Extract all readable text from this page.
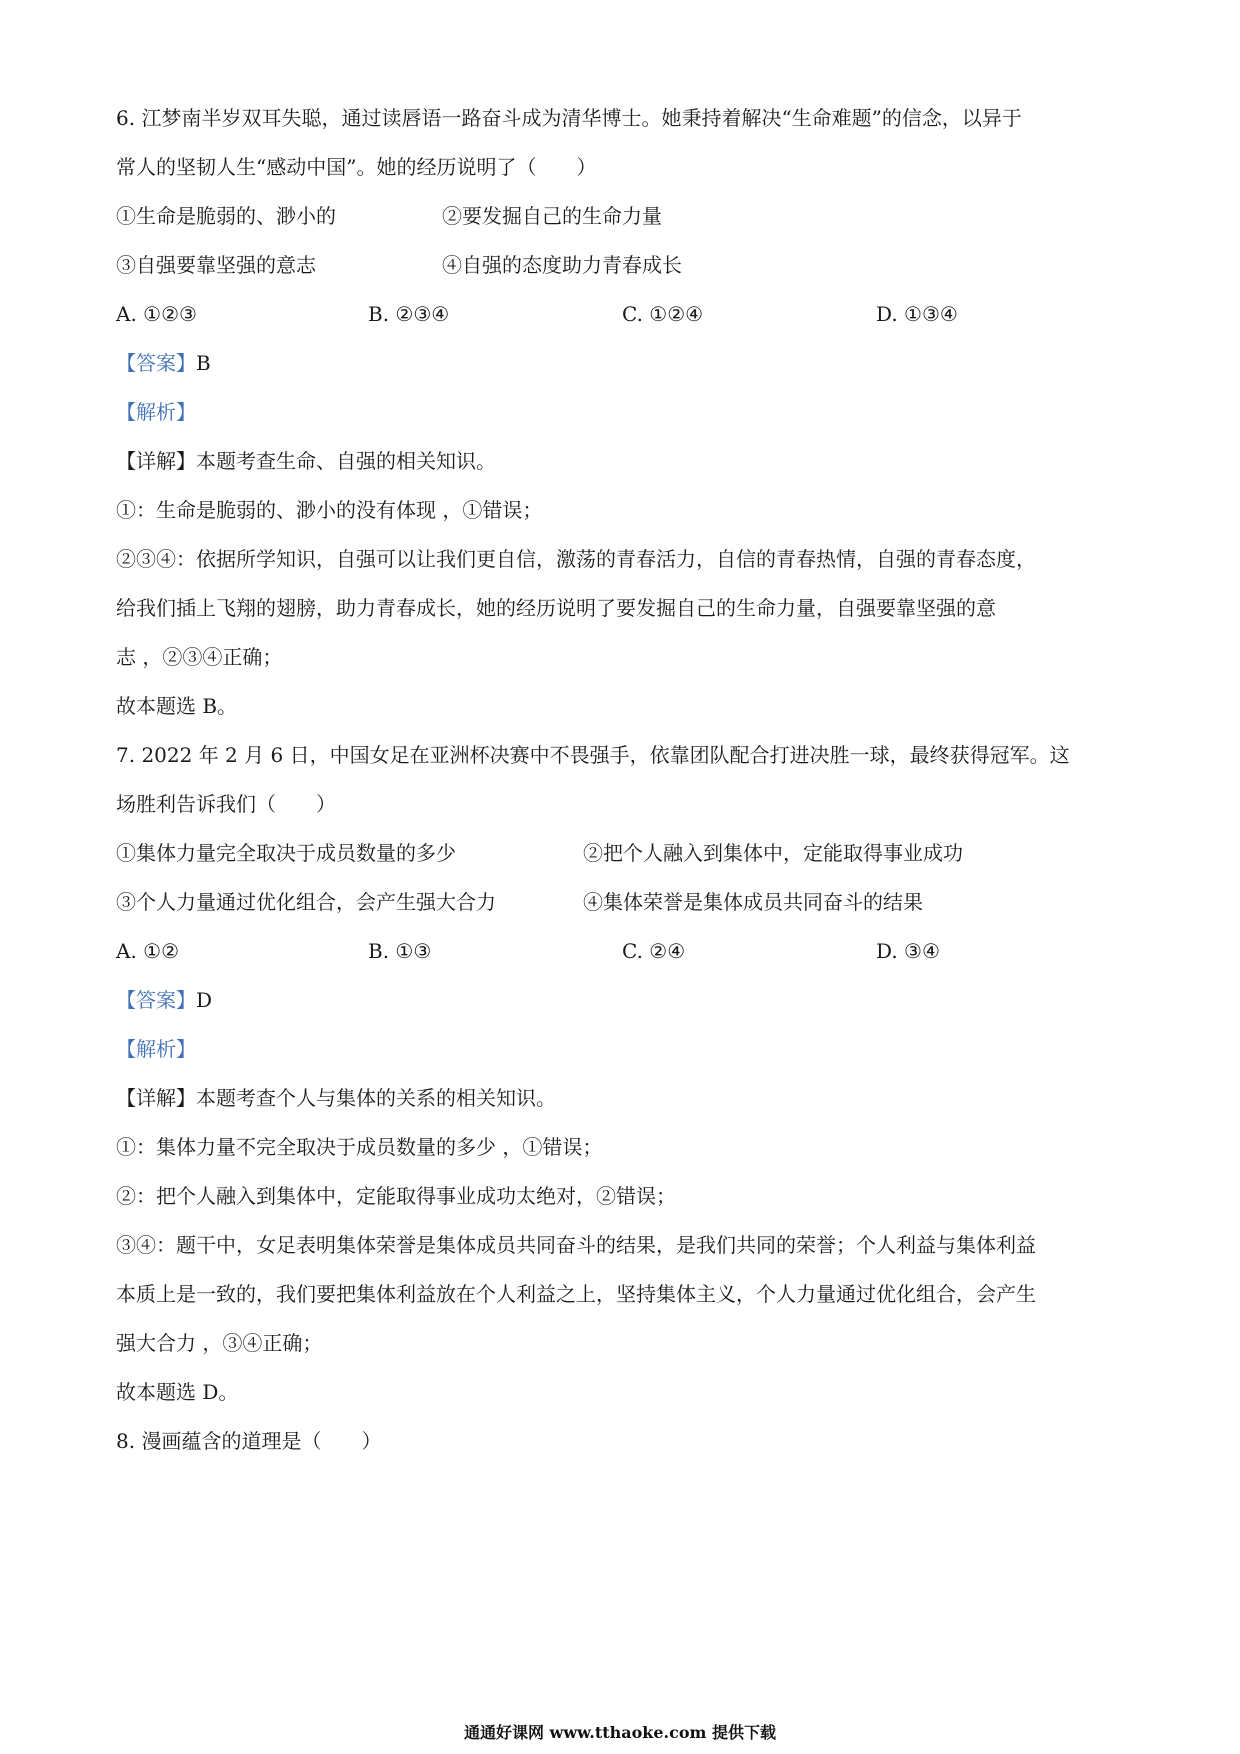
6. 江梦南半岁双耳失聪，通过读唇语一路奋斗成为清华博士。她秉持着解决“生命难题”的信念，以异于
常人的坚韧人生“感动中国”。她的经历说明了（　　）
①生命是脆弱的、渺小的	②要发掘自己的生命力量
③自强要靠坚强的意志	④自强的态度助力青春成长
A. ①②③	B. ②③④	C. ①②④	D. ①③④
【答案】B
【解析】
【详解】本题考查生命、自强的相关知识。
①：生命是脆弱的、渺小的没有体现 ，①错误；
②③④：依据所学知识，自强可以让我们更自信，激荡的青春活力，自信的青春热情，自强的青春态度，
给我们插上飞翔的翅膀，助力青春成长，她的经历说明了要发掘自己的生命力量，自强要靠坚强的意
志 ，②③④正确；
故本题选 B。
7. 2022 年 2 月 6 日，中国女足在亚洲杯决赛中不畏强手，依靠团队配合打进决胜一球，最终获得冠军。这
场胜利告诉我们（　　）
①集体力量完全取决于成员数量的多少	②把个人融入到集体中，定能取得事业成功
③个人力量通过优化组合，会产生强大合力	④集体荣誉是集体成员共同奋斗的结果
A. ①②	B. ①③	C. ②④	D. ③④
【答案】D
【解析】
【详解】本题考查个人与集体的关系的相关知识。
①：集体力量不完全取决于成员数量的多少 ，①错误；
②：把个人融入到集体中，定能取得事业成功太绝对，②错误；
③④：题干中，女足表明集体荣誉是集体成员共同奋斗的结果，是我们共同的荣誉；个人利益与集体利益
本质上是一致的，我们要把集体利益放在个人利益之上，坚持集体主义，个人力量通过优化组合，会产生
强大合力 ，③④正确；
故本题选 D。
8. 漫画蕴含的道理是（　　）
通通好课网 www.tthaoke.com 提供下载
